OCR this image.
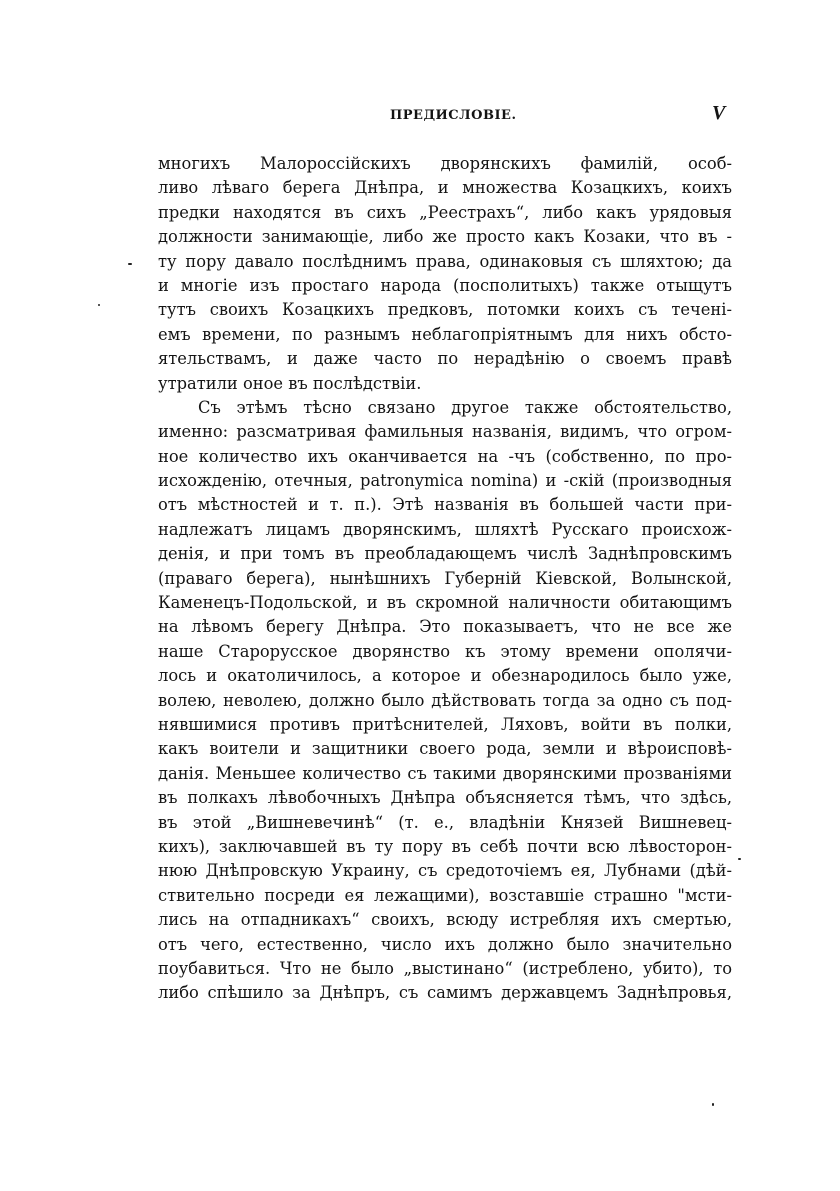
ПРЕДИСЛОВІЕ.	V
многихъ Малороссійскихъ дворянскихъ фамилій, особ-
ливо лѣваго берега Днѣпра, и множества Козацкихъ, коихъ
предки находятся въ сихъ „Реестрахъ“, либо какъ урядовыя
должности занимающіе, либо же просто какъ Козаки, что въ -
ту пору давало послѣднимъ права, одинаковыя съ шляхтою; да
и многіе изъ простаго народа (посполитыхъ) также отыщутъ
тутъ своихъ Козацкихъ предковъ, потомки коихъ съ течені-
емъ времени, по разнымъ неблагопріятнымъ для нихъ обсто-
ятельствамъ, и даже часто по нерадѣнію о своемъ правѣ
утратили оное въ послѣдствіи.
Съ этѣмъ тѣсно связано другое также обстоятельство,
именно: разсматривая фамильныя названія, видимъ, что огром-
ное количество ихъ оканчивается на -чъ (собственно, по про-
исхожденію, отечныя, patronymica nomina) и -скій (производныя
отъ мѣстностей и т. п.). Этѣ названія въ большей части при-
надлежатъ лицамъ дворянскимъ, шляхтѣ Русскаго происхож-
денія, и при томъ въ преобладающемъ числѣ Заднѣпровскимъ
(праваго берега), нынѣшнихъ Губерній Кіевской, Волынской,
Каменецъ-Подольской, и въ скромной наличности обитающимъ
на лѣвомъ берегу Днѣпра. Это показываетъ, что не все же
наше Старорусское дворянство къ этому времени ополячи-
лось и окатоличилось, а которое и обезнародилось было уже,
волею, неволею, должно было дѣйствовать тогда за одно съ под-
нявшимися противъ притѣснителей, Ляховъ, войти въ полки,
какъ воители и защитники своего рода, земли и вѣроисповѣ-
данія. Меньшее количество съ такими дворянскими прозваніями
въ полкахъ лѣвобочныхъ Днѣпра объясняется тѣмъ, что здѣсь,
въ этой „Вишневечинѣ“ (т. е., владѣніи Князей Вишневец-
кихъ), заключавшей въ ту пору въ себѣ почти всю лѣвосторон-
нюю Днѣпровскую Украину, съ средоточіемъ ея, Лубнами (дѣй-
ствительно посреди ея лежащими), возставшіе страшно "мсти-
лись на отпадникахъ“ своихъ, всюду истребляя ихъ смертью,
отъ чего, естественно, число ихъ должно было значительно
поубавиться. Что не было „выстинано“ (истреблено, убито), то
либо спѣшило за Днѣпръ, съ самимъ державцемъ Заднѣпровья,
